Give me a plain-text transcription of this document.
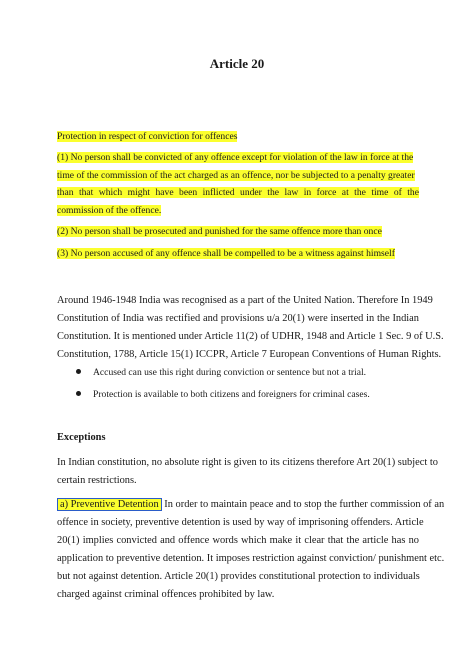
Article 20
Protection in respect of conviction for offences
(1) No person shall be convicted of any offence except for violation of the law in force at the
time of the commission of the act charged as an offence, nor be subjected to a penalty greater
than that which might have been inflicted under the law in force at the time of the
commission of the offence.
(2) No person shall be prosecuted and punished for the same offence more than once
(3) No person accused of any offence shall be compelled to be a witness against himself
Around 1946-1948 India was recognised as a part of the United Nation. Therefore In 1949
Constitution of India was rectified and provisions u/a 20(1) were inserted in the Indian
Constitution. It is mentioned under Article 11(2) of UDHR, 1948 and Article 1 Sec. 9 of U.S.
Constitution, 1788, Article 15(1) ICCPR, Article 7 European Conventions of Human Rights.
Accused can use this right during conviction or sentence but not a trial.
Protection is available to both citizens and foreigners for criminal cases.
Exceptions
In Indian constitution, no absolute right is given to its citizens therefore Art 20(1) subject to
certain restrictions.
a) Preventive Detention In order to maintain peace and to stop the further commission of an
offence in society, preventive detention is used by way of imprisoning offenders. Article
20(1) implies convicted and offence words which make it clear that the article has no
application to preventive detention. It imposes restriction against conviction/ punishment etc.
but not against detention. Article 20(1) provides constitutional protection to individuals
charged against criminal offences prohibited by law.
